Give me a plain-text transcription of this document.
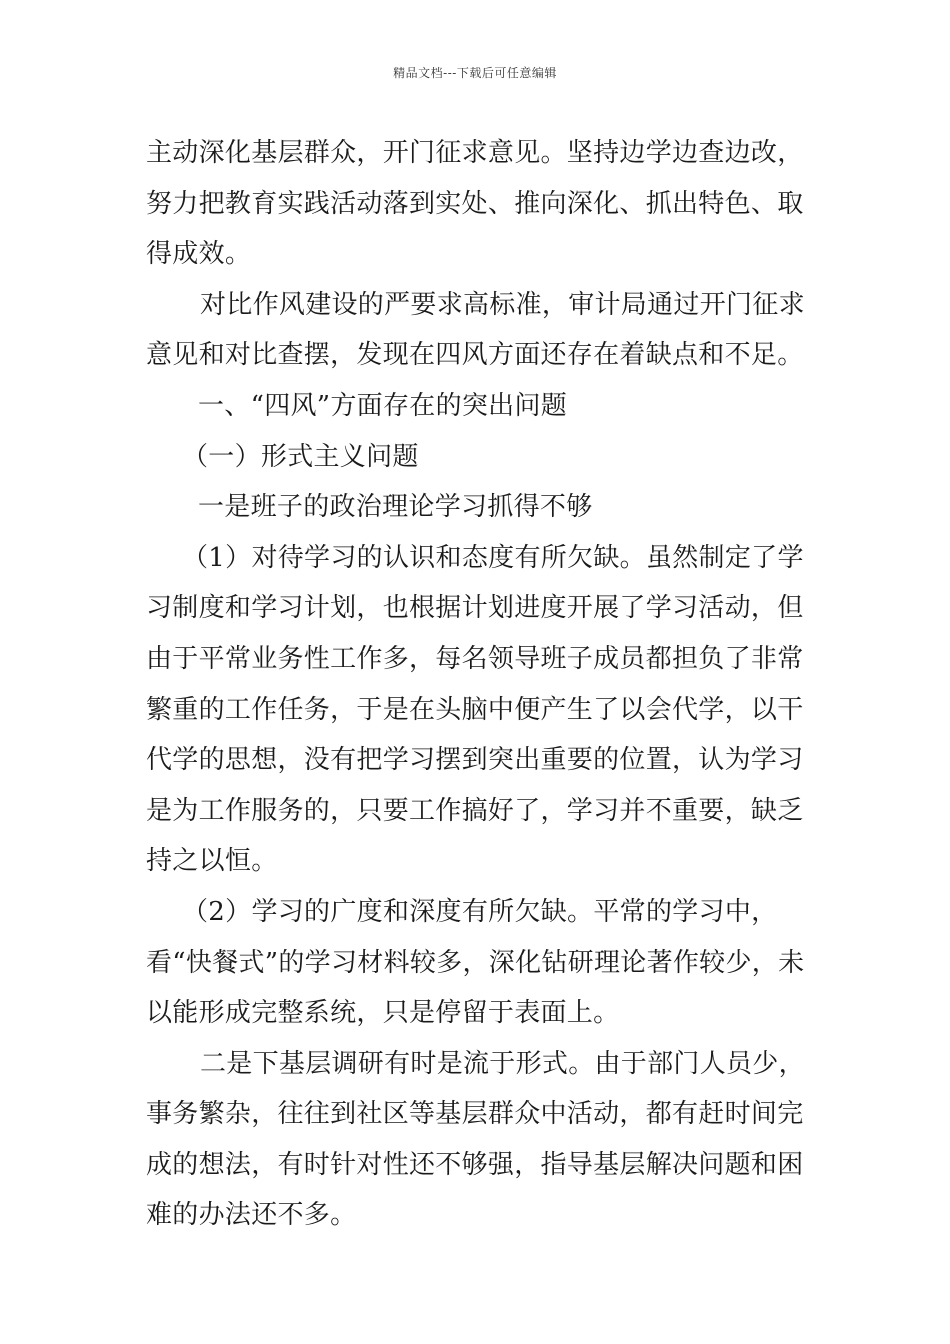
精品文档---下载后可任意编辑

主动深化基层群众，开门征求意见。坚持边学边查边改，努力把教育实践活动落到实处、推向深化、抓出特色、取得成效。

对比作风建设的严要求高标准，审计局通过开门征求意见和对比查摆，发现在四风方面还存在着缺点和不足。

一、“四风”方面存在的突出问题

（一）形式主义问题

一是班子的政治理论学习抓得不够

（1）对待学习的认识和态度有所欠缺。虽然制定了学习制度和学习计划，也根据计划进度开展了学习活动，但由于平常业务性工作多，每名领导班子成员都担负了非常繁重的工作任务，于是在头脑中便产生了以会代学，以干代学的思想，没有把学习摆到突出重要的位置，认为学习是为工作服务的，只要工作搞好了，学习并不重要，缺乏持之以恒。

（2）学习的广度和深度有所欠缺。平常的学习中，看“快餐式”的学习材料较多，深化钻研理论著作较少，未以能形成完整系统，只是停留于表面上。

二是下基层调研有时是流于形式。由于部门人员少，事务繁杂，往往到社区等基层群众中活动，都有赶时间完成的想法，有时针对性还不够强，指导基层解决问题和困难的办法还不多。
